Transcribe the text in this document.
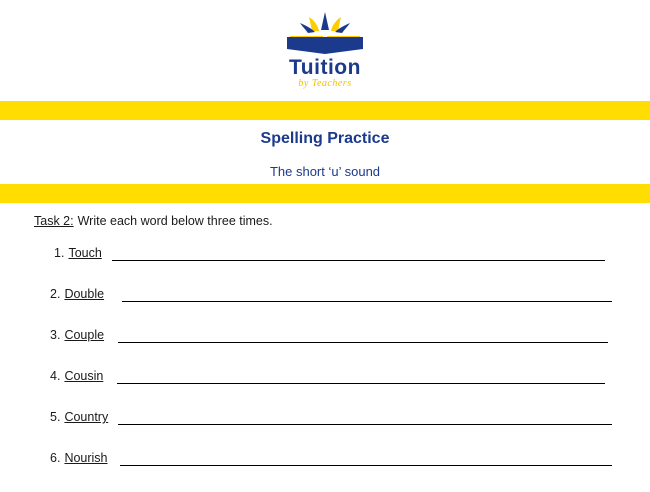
Tuition
by Teachers
Spelling Practice
The short ‘u’ sound
Task 2: Write each word below three times.
1. Touch
2. Double
3. Couple
4. Cousin
5. Country
6. Nourish
